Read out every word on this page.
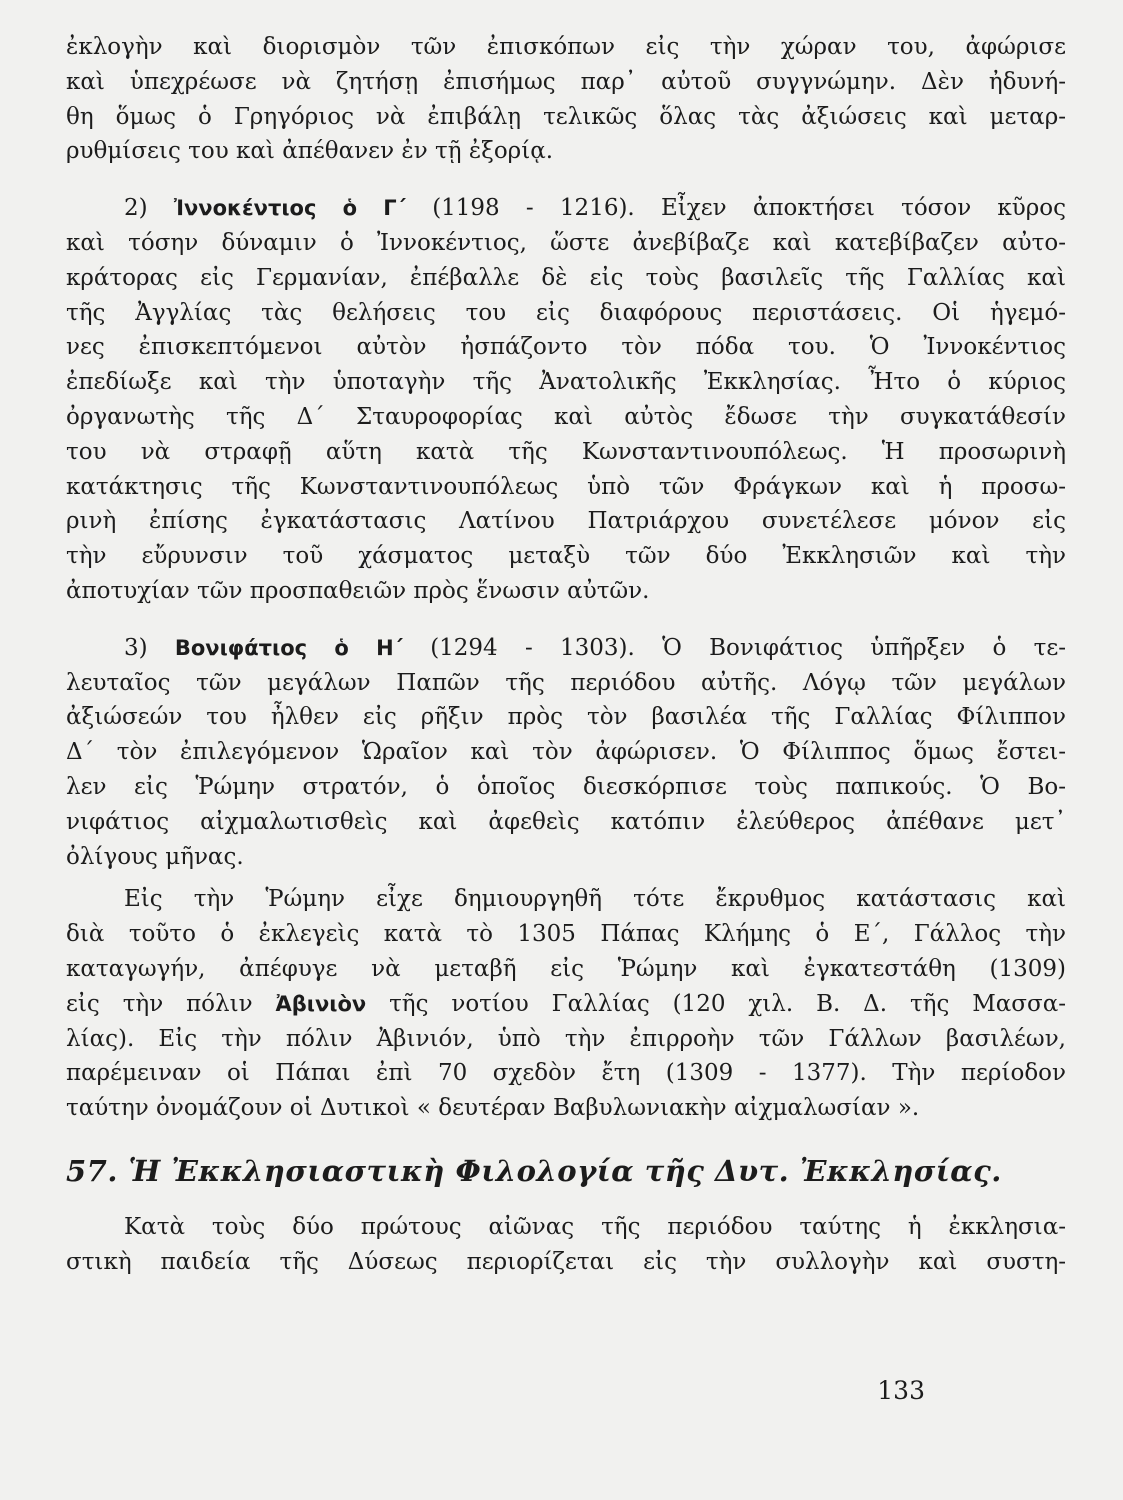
ἐκλογὴν καὶ διορισμὸν τῶν ἐπισκόπων εἰς τὴν χώραν του, ἀφώρισε
καὶ ὑπεχρέωσε νὰ ζητήσῃ ἐπισήμως παρ᾽ αὐτοῦ συγγνώμην. Δὲν ἠδυνή-
θη ὅμως ὁ Γρηγόριος νὰ ἐπιβάλῃ τελικῶς ὅλας τὰς ἀξιώσεις καὶ μεταρ-
ρυθμίσεις του καὶ ἀπέθανεν ἐν τῇ ἐξορίᾳ.
2) Ἰννοκέντιος ὁ Γ΄ (1198 - 1216). Εἶχεν ἀποκτήσει τόσον κῦρος
καὶ τόσην δύναμιν ὁ Ἰννοκέντιος, ὥστε ἀνεβίβαζε καὶ κατεβίβαζεν αὐτο-
κράτορας εἰς Γερμανίαν, ἐπέβαλλε δὲ εἰς τοὺς βασιλεῖς τῆς Γαλλίας καὶ
τῆς Ἀγγλίας τὰς θελήσεις του εἰς διαφόρους περιστάσεις. Οἱ ἡγεμό-
νες ἐπισκεπτόμενοι αὐτὸν ἠσπάζοντο τὸν πόδα του. Ὁ Ἰννοκέντιος
ἐπεδίωξε καὶ τὴν ὑποταγὴν τῆς Ἀνατολικῆς Ἐκκλησίας. Ἦτο ὁ κύριος
ὀργανωτὴς τῆς Δ΄ Σταυροφορίας καὶ αὐτὸς ἔδωσε τὴν συγκατάθεσίν
του νὰ στραφῇ αὕτη κατὰ τῆς Κωνσταντινουπόλεως. Ἡ προσωρινὴ
κατάκτησις τῆς Κωνσταντινουπόλεως ὑπὸ τῶν Φράγκων καὶ ἡ προσω-
ρινὴ ἐπίσης ἐγκατάστασις Λατίνου Πατριάρχου συνετέλεσε μόνον εἰς
τὴν εὔρυνσιν τοῦ χάσματος μεταξὺ τῶν δύο Ἐκκλησιῶν καὶ τὴν
ἀποτυχίαν τῶν προσπαθειῶν πρὸς ἕνωσιν αὐτῶν.
3) Βονιφάτιος ὁ Η΄ (1294 - 1303). Ὁ Βονιφάτιος ὑπῆρξεν ὁ τε-
λευταῖος τῶν μεγάλων Παπῶν τῆς περιόδου αὐτῆς. Λόγῳ τῶν μεγάλων
ἀξιώσεών του ἦλθεν εἰς ρῆξιν πρὸς τὸν βασιλέα τῆς Γαλλίας Φίλιππον
Δ΄ τὸν ἐπιλεγόμενον Ὡραῖον καὶ τὸν ἀφώρισεν. Ὁ Φίλιππος ὅμως ἔστει-
λεν εἰς Ῥώμην στρατόν, ὁ ὁποῖος διεσκόρπισε τοὺς παπικούς. Ὁ Βο-
νιφάτιος αἰχμαλωτισθεὶς καὶ ἀφεθεὶς κατόπιν ἐλεύθερος ἀπέθανε μετ᾽
ὀλίγους μῆνας.
Εἰς τὴν Ῥώμην εἶχε δημιουργηθῆ τότε ἔκρυθμος κατάστασις καὶ
διὰ τοῦτο ὁ ἐκλεγεὶς κατὰ τὸ 1305 Πάπας Κλήμης ὁ Ε΄, Γάλλος τὴν
καταγωγήν, ἀπέφυγε νὰ μεταβῆ εἰς Ῥώμην καὶ ἐγκατεστάθη (1309)
εἰς τὴν πόλιν Ἀβινιὸν τῆς νοτίου Γαλλίας (120 χιλ. Β. Δ. τῆς Μασσα-
λίας). Εἰς τὴν πόλιν Ἀβινιόν, ὑπὸ τὴν ἐπιρροὴν τῶν Γάλλων βασιλέων,
παρέμειναν οἱ Πάπαι ἐπὶ 70 σχεδὸν ἔτη (1309 - 1377). Τὴν περίοδον
ταύτην ὀνομάζουν οἱ Δυτικοὶ « δευτέραν Βαβυλωνιακὴν αἰχμαλωσίαν ».
57. Ἡ Ἐκκλησιαστικὴ Φιλολογία τῆς Δυτ. Ἐκκλησίας.
Κατὰ τοὺς δύο πρώτους αἰῶνας τῆς περιόδου ταύτης ἡ ἐκκλησια-
στικὴ παιδεία τῆς Δύσεως περιορίζεται εἰς τὴν συλλογὴν καὶ συστη-
133
